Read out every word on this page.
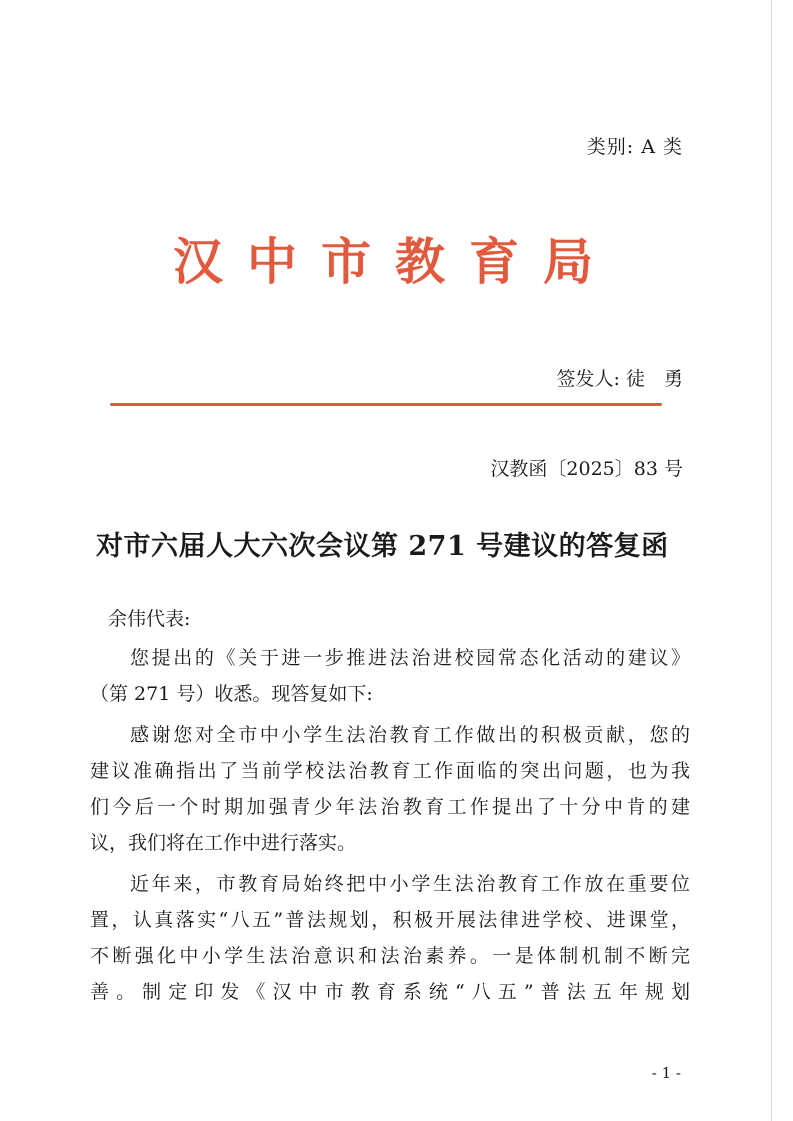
类别: A 类
汉中市教育局
签发人: 徒　勇
汉教函〔2025〕83 号
对市六届人大六次会议第 271 号建议的答复函
余伟代表:
您提出的《关于进一步推进法治进校园常态化活动的建议》
（第 271 号）收悉。现答复如下:
感谢您对全市中小学生法治教育工作做出的积极贡献，您的
建议准确指出了当前学校法治教育工作面临的突出问题，也为我
们今后一个时期加强青少年法治教育工作提出了十分中肯的建
议，我们将在工作中进行落实。
近年来，市教育局始终把中小学生法治教育工作放在重要位
置，认真落实“八五”普法规划，积极开展法律进学校、进课堂，
不断强化中小学生法治意识和法治素养。一是体制机制不断完
善。制定印发《汉中市教育系统“八五”普法五年规划
- 1 -
